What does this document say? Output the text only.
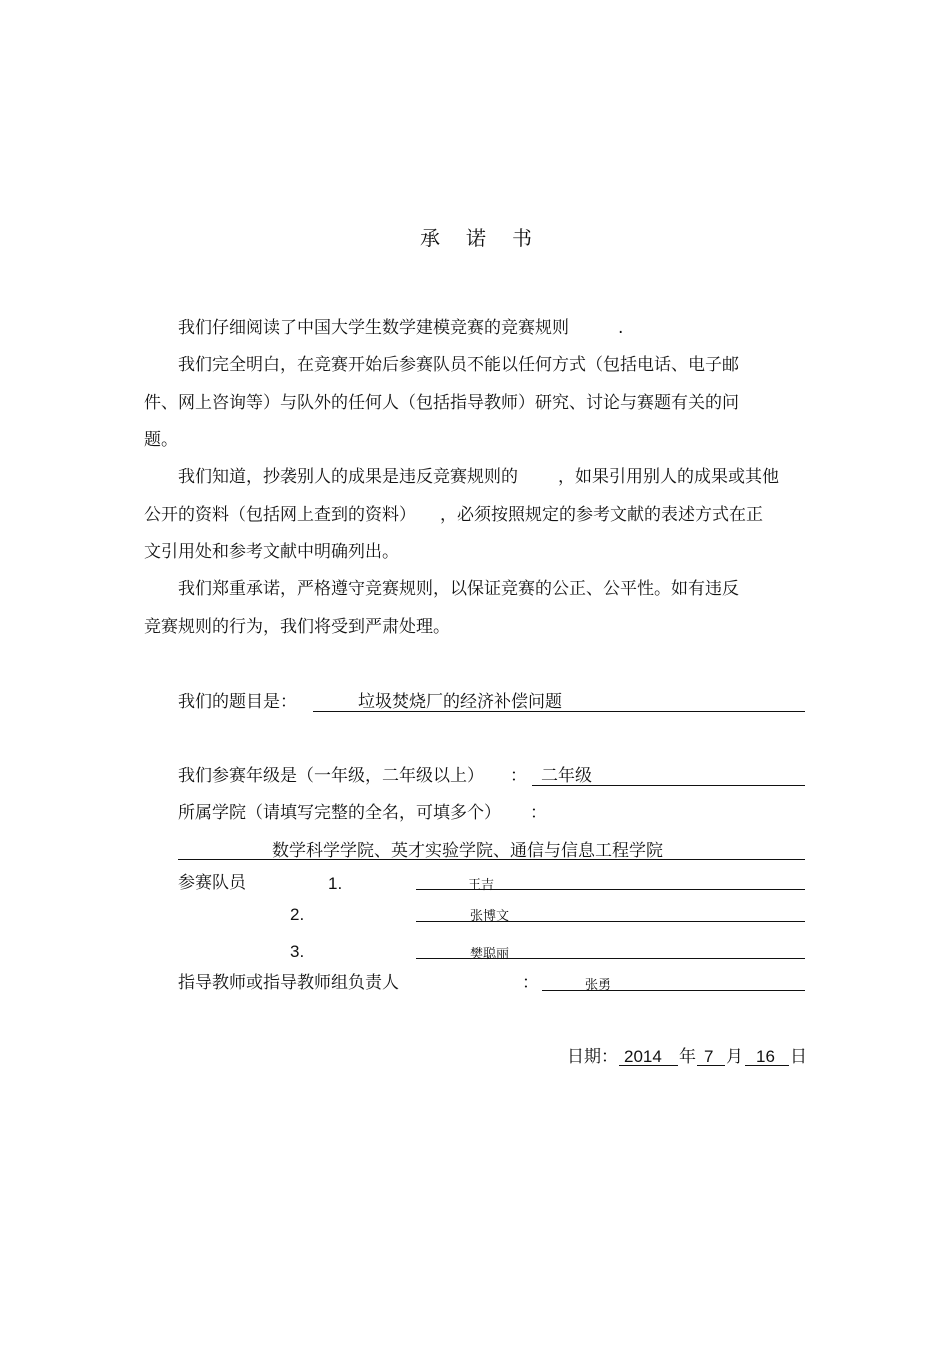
承诺书
我们仔细阅读了中国大学生数学建模竞赛的竞赛规则	.
我们完全明白，在竞赛开始后参赛队员不能以任何方式（包括电话、电子邮
件、网上咨询等）与队外的任何人（包括指导教师）研究、讨论与赛题有关的问
题。
我们知道，抄袭别人的成果是违反竞赛规则的 ，如果引用别人的成果或其他
公开的资料（包括网上查到的资料） ，必须按照规定的参考文献的表述方式在正
文引用处和参考文献中明确列出。
我们郑重承诺，严格遵守竞赛规则，以保证竞赛的公正、公平性。如有违反
竞赛规则的行为，我们将受到严肃处理。
我们的题目是：	垃圾焚烧厂的经济补偿问题
我们参赛年级是（一年级，二年级以上） ： 二年级
所属学院（请填写完整的全名，可填多个） ：
数学科学学院、英才实验学院、通信与信息工程学院
参赛队员	1.	王吉
2.	张博文
3.	樊聪丽
指导教师或指导教师组负责人	：	张勇
日期： 2014 年 7 月 16 日
